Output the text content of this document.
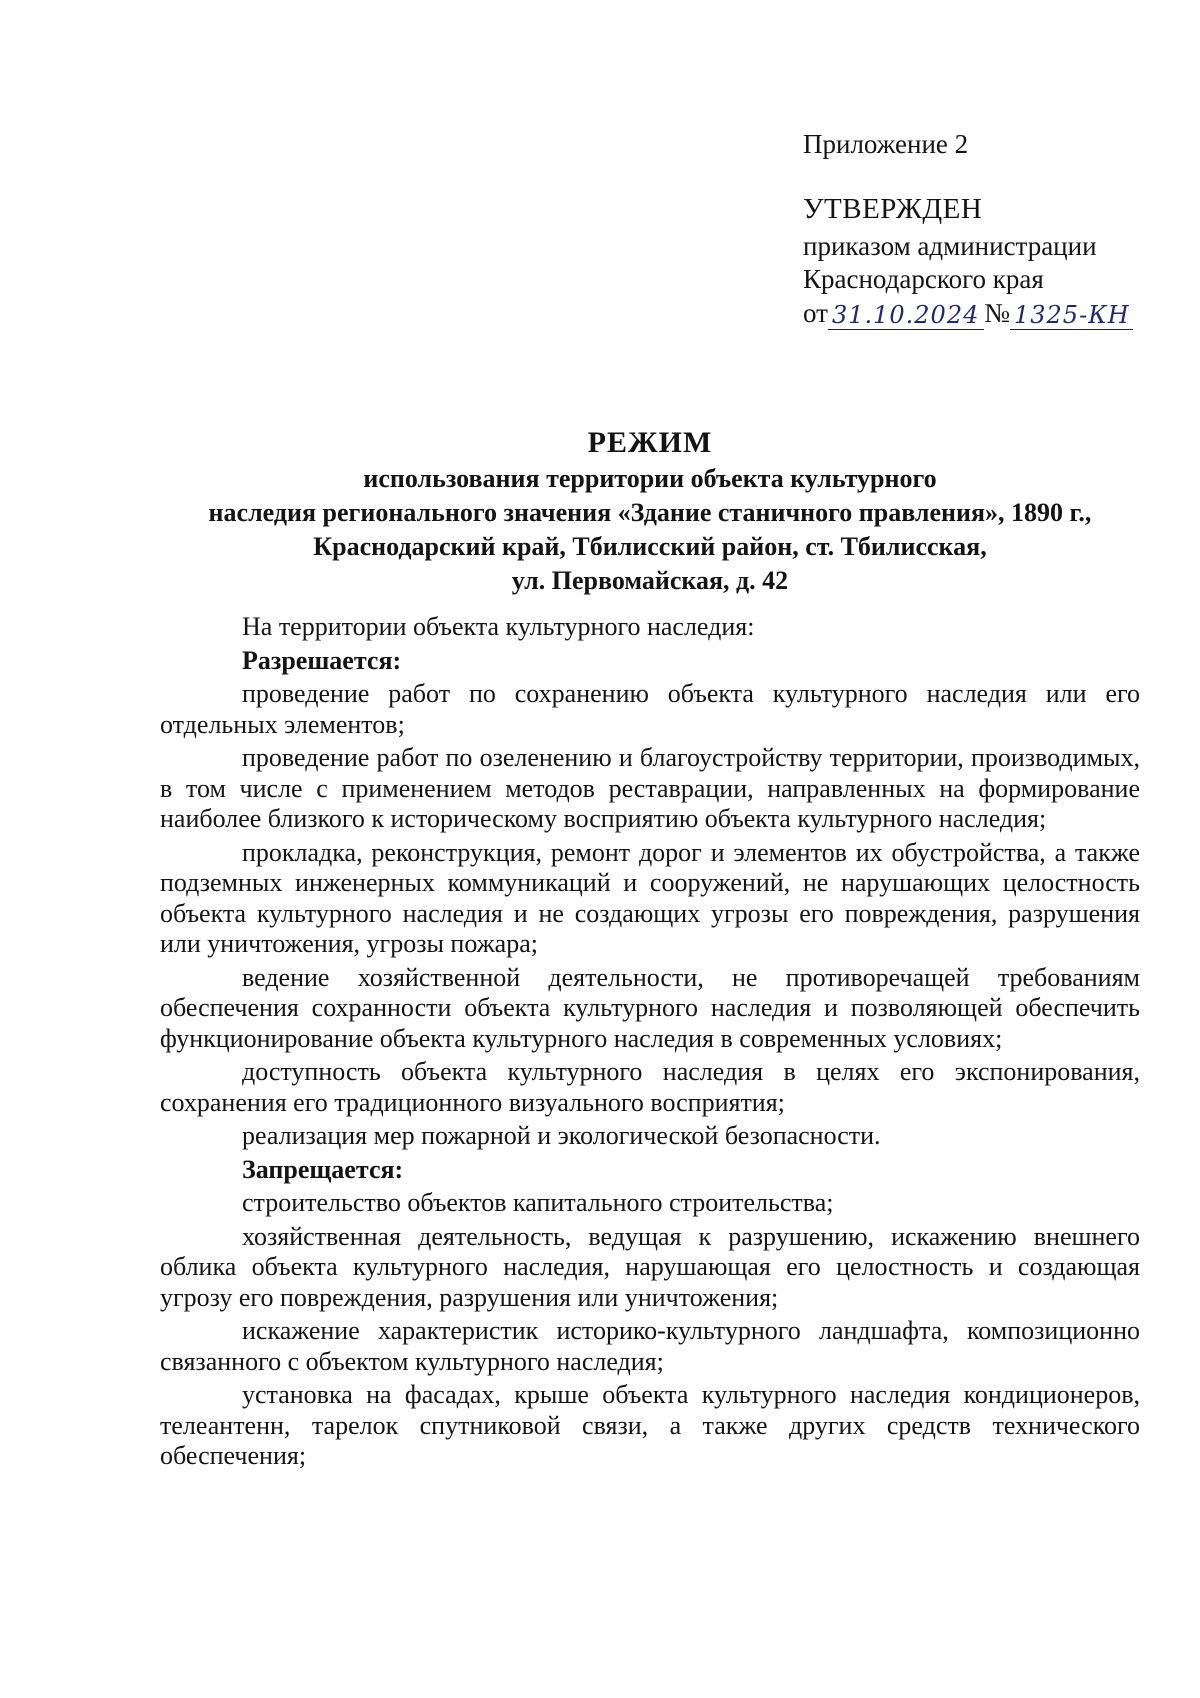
Приложение 2
УТВЕРЖДЕН
приказом администрации
Краснодарского края
от 31.10.2024 № 1325-КН
РЕЖИМ
использования территории объекта культурного
наследия регионального значения «Здание станичного правления», 1890 г.,
Краснодарский край, Тбилисский район, ст. Тбилисская,
ул. Первомайская, д. 42

На территории объекта культурного наследия:

Разрешается:

проведение работ по сохранению объекта культурного наследия или его отдельных элементов;

проведение работ по озеленению и благоустройству территории, производимых, в том числе с применением методов реставрации, направленных на формирование наиболее близкого к историческому восприятию объекта культурного наследия;

прокладка, реконструкция, ремонт дорог и элементов их обустройства, а также подземных инженерных коммуникаций и сооружений, не нарушающих целостность объекта культурного наследия и не создающих угрозы его повреждения, разрушения или уничтожения, угрозы пожара;

ведение хозяйственной деятельности, не противоречащей требованиям обеспечения сохранности объекта культурного наследия и позволяющей обеспечить функционирование объекта культурного наследия в современных условиях;

доступность объекта культурного наследия в целях его экспонирования, сохранения его традиционного визуального восприятия;

реализация мер пожарной и экологической безопасности.

Запрещается:

строительство объектов капитального строительства;

хозяйственная деятельность, ведущая к разрушению, искажению внешнего облика объекта культурного наследия, нарушающая его целостность и создающая угрозу его повреждения, разрушения или уничтожения;

искажение характеристик историко-культурного ландшафта, композиционно связанного с объектом культурного наследия;

установка на фасадах, крыше объекта культурного наследия кондиционеров, телеантенн, тарелок спутниковой связи, а также других средств технического обеспечения;
